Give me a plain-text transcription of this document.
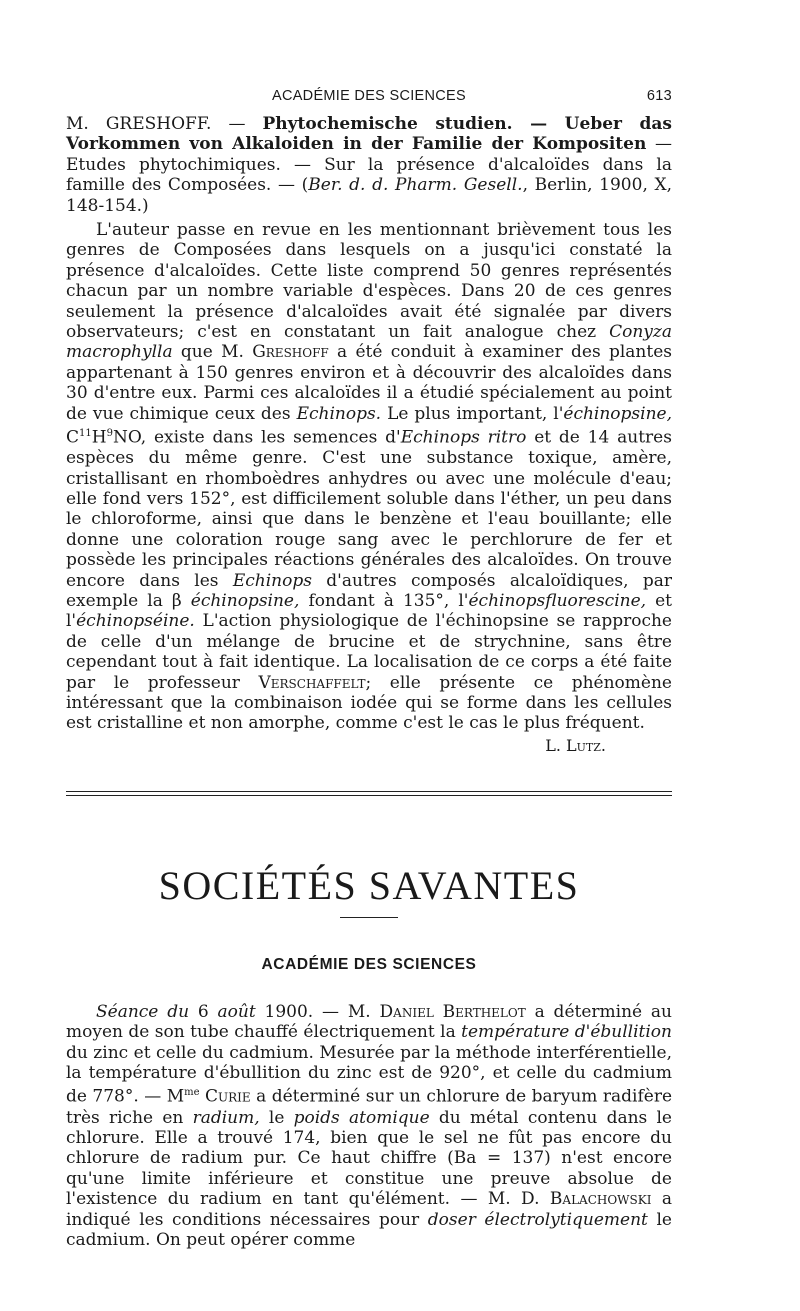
ACADÉMIE DES SCIENCES	613

M. GRESHOFF. — Phytochemische studien. — Ueber das Vorkommen von Alkaloiden in der Familie der Kompositen — Etudes phytochimiques. — Sur la présence d'alcaloïdes dans la famille des Composées. — (Ber. d. d. Pharm. Gesell., Berlin, 1900, X, 148-154.)

L'auteur passe en revue en les mentionnant brièvement tous les genres de Composées dans lesquels on a jusqu'ici constaté la présence d'alcaloïdes. Cette liste comprend 50 genres représentés chacun par un nombre variable d'espèces. Dans 20 de ces genres seulement la présence d'alcaloïdes avait été signalée par divers observateurs; c'est en constatant un fait analogue chez Conyza macrophylla que M. Greshoff a été conduit à examiner des plantes appartenant à 150 genres environ et à découvrir des alcaloïdes dans 30 d'entre eux. Parmi ces alcaloïdes il a étudié spécialement au point de vue chimique ceux des Echinops. Le plus important, l'échinopsine, $C^{11}H^9NO$, existe dans les semences d'Echinops ritro et de 14 autres espèces du même genre. C'est une substance toxique, amère, cristallisant en rhomboèdres anhydres ou avec une molécule d'eau; elle fond vers 152°, est difficilement soluble dans l'éther, un peu dans le chloroforme, ainsi que dans le benzène et l'eau bouillante; elle donne une coloration rouge sang avec le perchlorure de fer et possède les principales réactions générales des alcaloïdes. On trouve encore dans les Echinops d'autres composés alcaloïdiques, par exemple la β échinopsine, fondant à 135°, l'échinopsfluorescine, et l'échinopséine. L'action physiologique de l'échinopsine se rapproche de celle d'un mélange de brucine et de strychnine, sans être cependant tout à fait identique. La localisation de ce corps a été faite par le professeur Verschaffelt; elle présente ce phénomène intéressant que la combinaison iodée qui se forme dans les cellules est cristalline et non amorphe, comme c'est le cas le plus fréquent.

L. Lutz.
SOCIÉTÉS SAVANTES
ACADÉMIE DES SCIENCES

Séance du 6 août 1900. — M. Daniel Berthelot a déterminé au moyen de son tube chauffé électriquement la température d'ébullition du zinc et celle du cadmium. Mesurée par la méthode interférentielle, la température d'ébullition du zinc est de 920°, et celle du cadmium de 778°. — $M^{me}$ Curie a déterminé sur un chlorure de baryum radifère très riche en radium, le poids atomique du métal contenu dans le chlorure. Elle a trouvé 174, bien que le sel ne fût pas encore du chlorure de radium pur. Ce haut chiffre (Ba = 137) n'est encore qu'une limite inférieure et constitue une preuve absolue de l'existence du radium en tant qu'élément. — M. D. Balachowski a indiqué les conditions nécessaires pour doser électrolytiquement le cadmium. On peut opérer comme
